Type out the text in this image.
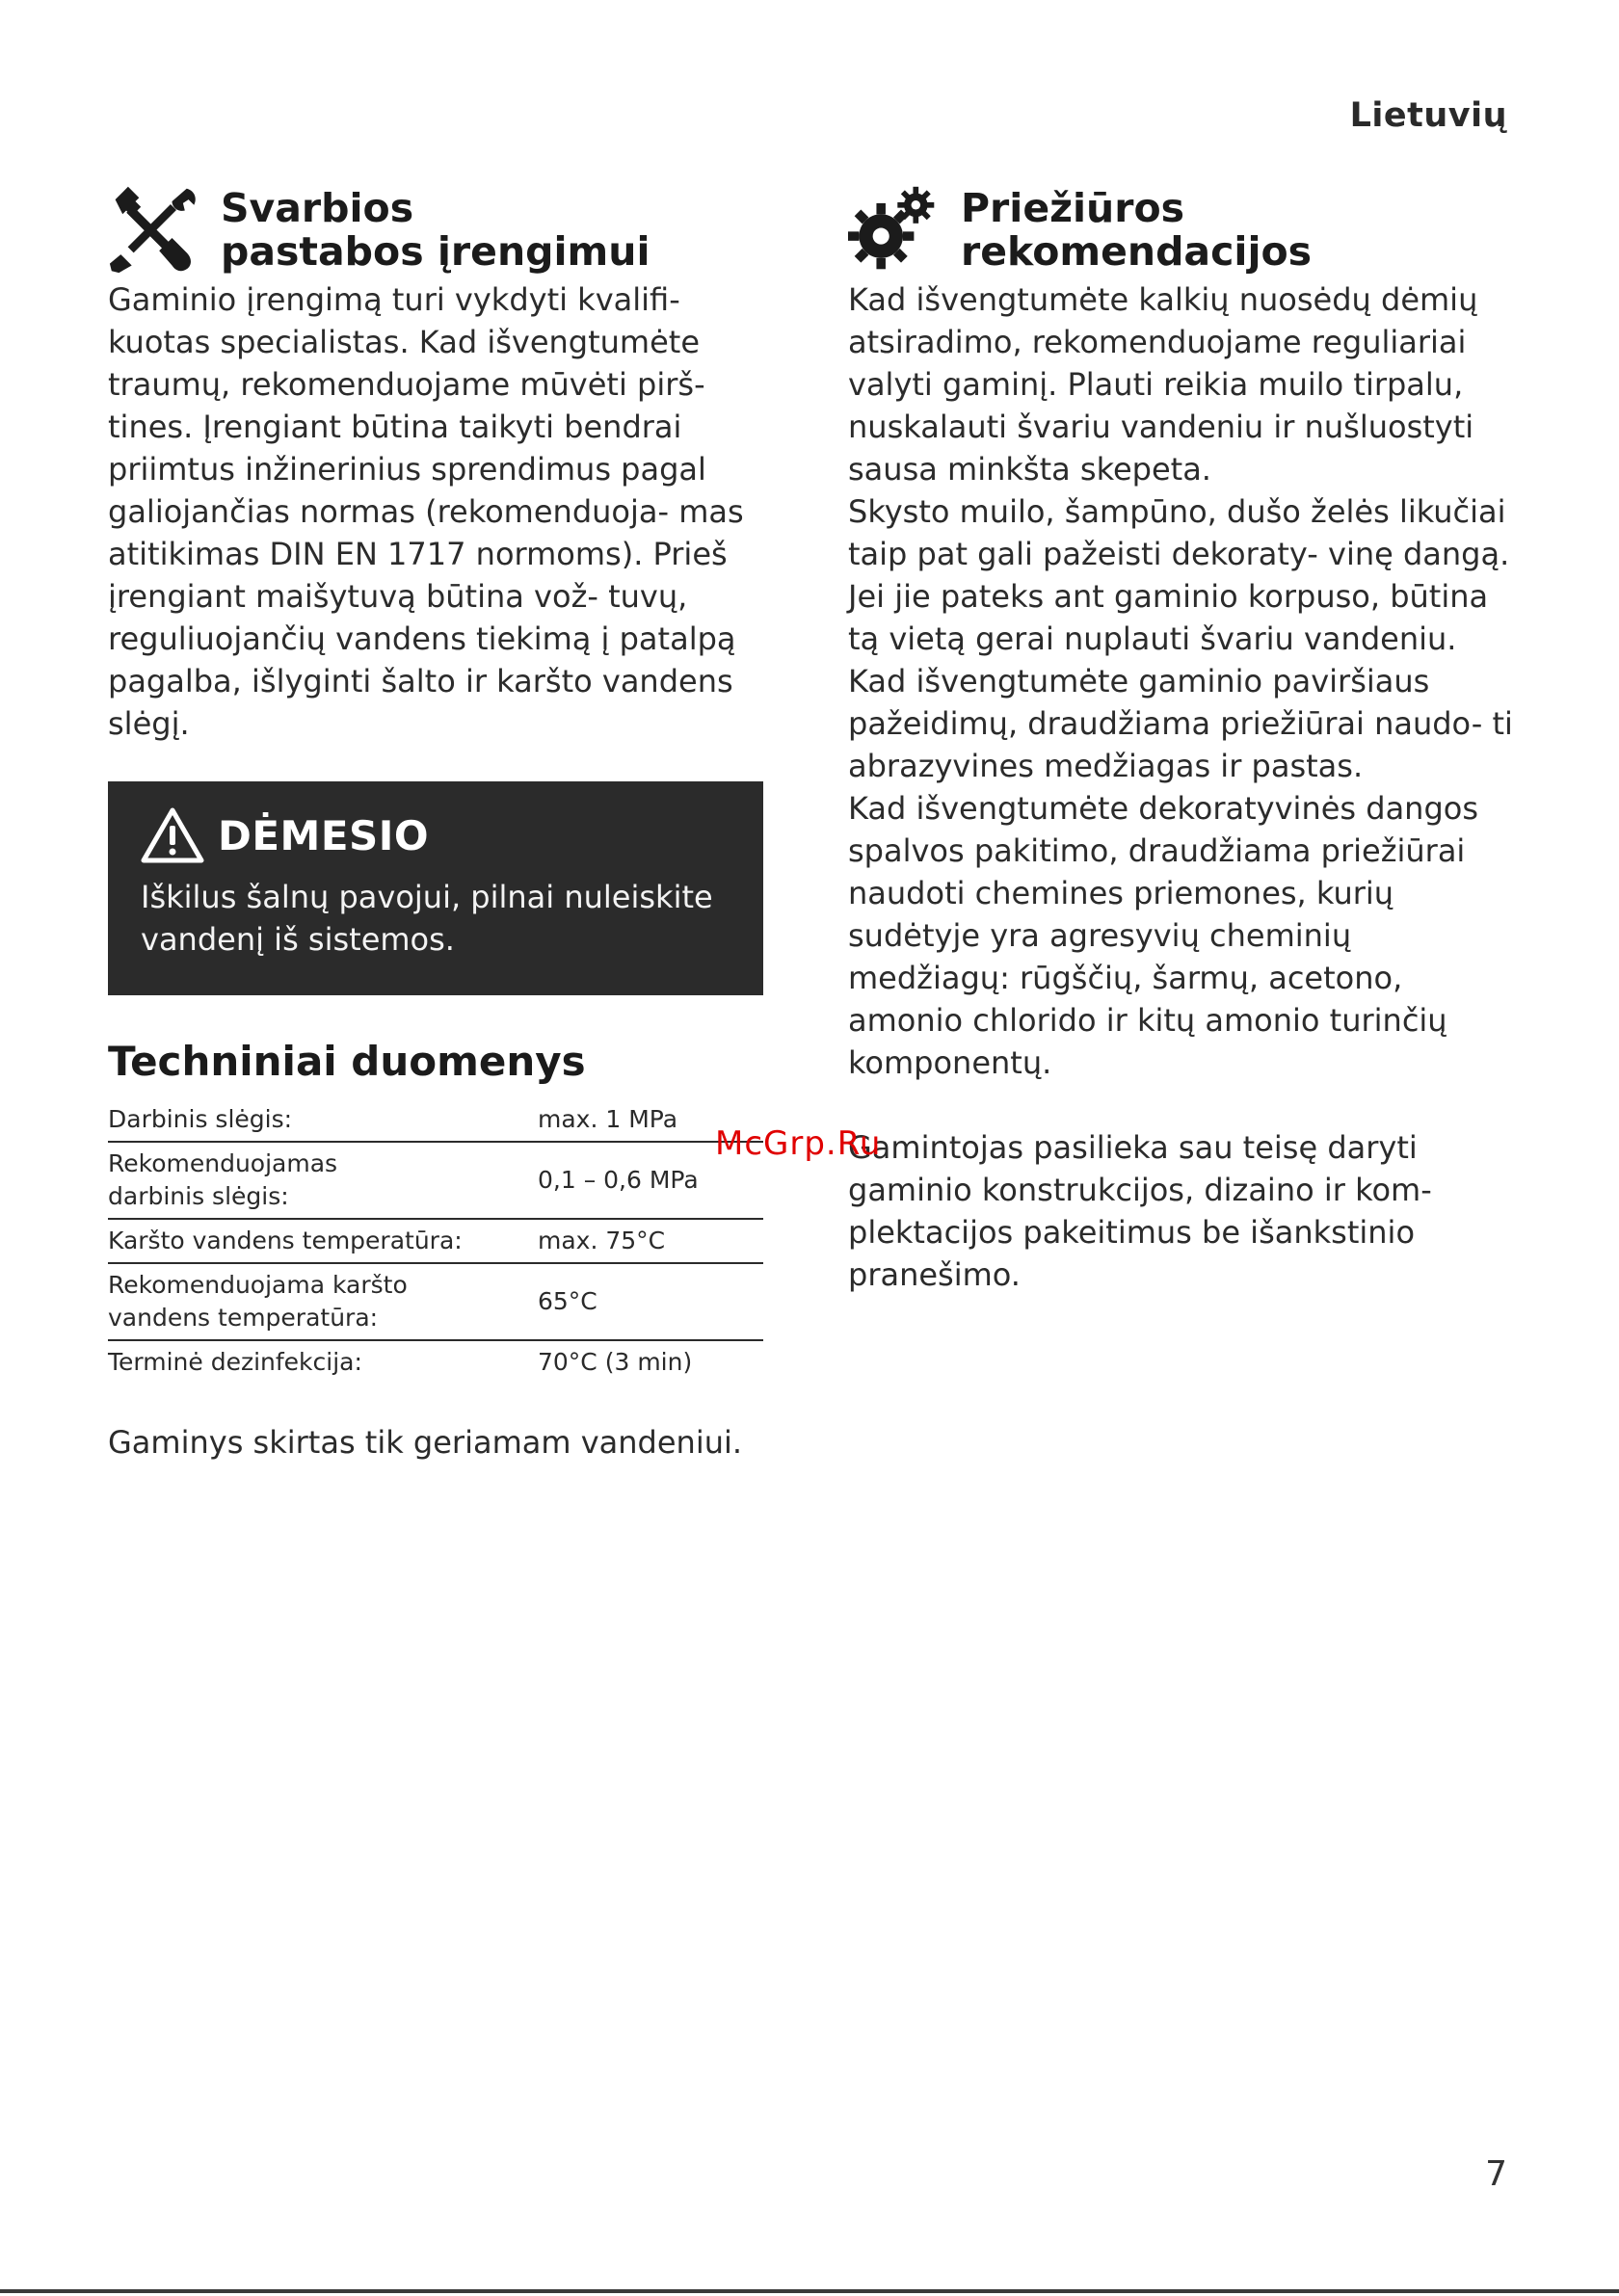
Lietuvių
Svarbios
pastabos įrengimui
Gaminio įrengimą turi vykdyti kvalifi- kuotas specialistas. Kad išvengtumėte traumų, rekomenduojame mūvėti pirš- tines. Įrengiant būtina taikyti bendrai priimtus inžinerinius sprendimus pagal galiojančias normas (rekomenduoja- mas atitikimas DIN EN 1717 normoms). Prieš įrengiant maišytuvą būtina vož- tuvų, reguliuojančių vandens tiekimą į patalpą pagalba, išlyginti šalto ir karšto vandens slėgį.
DĖMESIO
Iškilus šalnų pavojui, pilnai nuleiskite vandenį iš sistemos.
Techniniai duomenys
Darbinis slėgis:	max. 1 MPa
Rekomenduojamas darbinis slėgis:	0,1 – 0,6 MPa
Karšto vandens temperatūra:	max. 75°C
Rekomenduojama karšto vandens temperatūra:	65°C
Terminė dezinfekcija:	70°C (3 min)
Gaminys skirtas tik geriamam vandeniui.
Priežiūros
rekomendacijos

Kad išvengtumėte kalkių nuosėdų dėmių atsiradimo, rekomenduojame reguliariai valyti gaminį. Plauti reikia muilo tirpalu, nuskalauti švariu vandeniu ir nušluostyti sausa minkšta skepeta.

Skysto muilo, šampūno, dušo želės likučiai taip pat gali pažeisti dekoraty- vinę dangą. Jei jie pateks ant gaminio korpuso, būtina tą vietą gerai nuplauti švariu vandeniu.

Kad išvengtumėte gaminio paviršiaus pažeidimų, draudžiama priežiūrai naudo- ti abrazyvines medžiagas ir pastas.

Kad išvengtumėte dekoratyvinės dangos spalvos pakitimo, draudžiama priežiūrai naudoti chemines priemones, kurių sudėtyje yra agresyvių cheminių medžiagų: rūgščių, šarmų, acetono, amonio chlorido ir kitų amonio turinčių komponentų.

Gamintojas pasilieka sau teisę daryti gaminio konstrukcijos, dizaino ir kom- plektacijos pakeitimus be išankstinio pranešimo.

McGrp.Ru
7
